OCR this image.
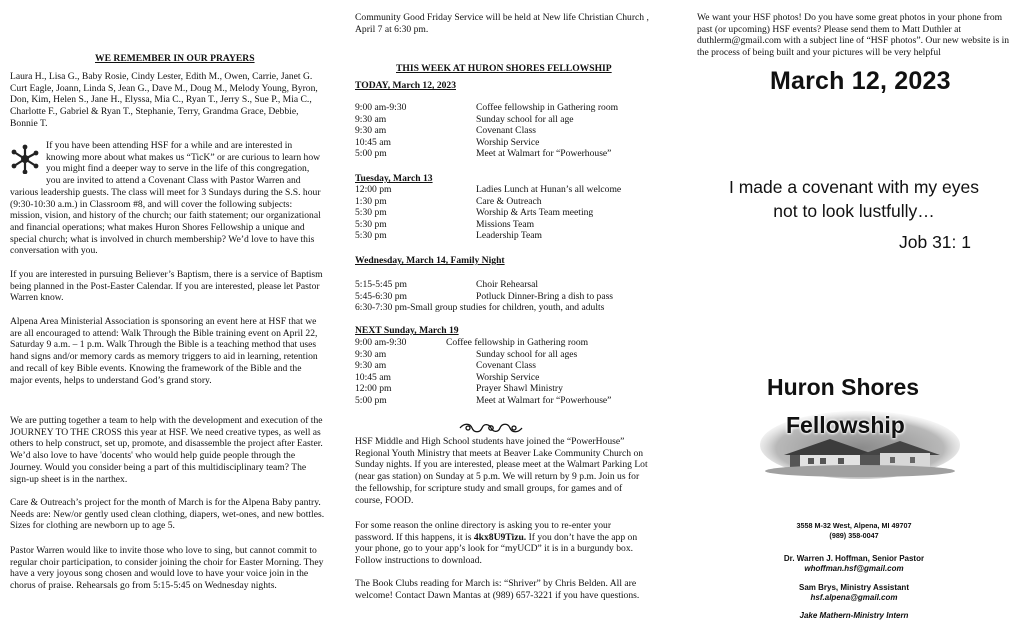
WE REMEMBER IN OUR PRAYERS

Laura H., Lisa G., Baby Rosie, Cindy Lester, Edith M., Owen, Carrie, Janet G. Curt Eagle, Joann, Linda S, Jean G., Dave M., Doug M., Melody Young, Byron, Don, Kim, Helen S., Jane H., Elyssa, Mia C., Ryan T., Jerry S., Sue P., Mia C., Charlotte F., Gabriel & Ryan T., Stephanie, Terry, Grandma Grace, Debbie, Bonnie T.

If you have been attending HSF for a while and are interested in knowing more about what makes us “TicK” or are curious to learn how you might find a deeper way to serve in the life of this congregation, you are invited to attend a Covenant Class with Pastor Warren and various leadership guests. The class will meet for 3 Sundays during the S.S. hour (9:30-10:30 a.m.) in Classroom #8, and will cover the following subjects: mission, vision, and history of the church; our faith statement; our organizational and financial operations; what makes Huron Shores Fellowship a unique and special church; what is involved in church membership? We’d love to have this conversation with you.

If you are interested in pursuing Believer’s Baptism, there is a service of Baptism being planned in the Post-Easter Calendar. If you are interested, please let Pastor Warren know.

Alpena Area Ministerial Association is sponsoring an event here at HSF that we are all encouraged to attend: Walk Through the Bible training event on April 22, Saturday 9 a.m. – 1 p.m. Walk Through the Bible is a teaching method that uses hand signs and/or memory cards as memory triggers to aid in learning, retention and recall of key Bible events. Knowing the framework of the Bible and the major events, helps to understand God’s grand story.

We are putting together a team to help with the development and execution of the JOURNEY TO THE CROSS this year at HSF. We need creative types, as well as others to help construct, set up, promote, and disassemble the project after Easter. We’d also love to have 'docents' who would help guide people through the Journey. Would you consider being a part of this multidisciplinary team? The sign-up sheet is in the narthex.

Care & Outreach’s project for the month of March is for the Alpena Baby pantry. Needs are: New/or gently used clean clothing, diapers, wet-ones, and new bottles. Sizes for clothing are newborn up to age 5.

Pastor Warren would like to invite those who love to sing, but cannot commit to regular choir participation, to consider joining the choir for Easter Morning. They have a very joyous song chosen and would love to have your voice join in the chorus of praise. Rehearsals go from 5:15-5:45 on Wednesday nights.

Community Good Friday Service will be held at New life Christian Church , April 7 at 6:30 pm.

THIS WEEK AT HURON SHORES FELLOWSHIP
TODAY, March 12, 2023
9:00 am-9:30	Coffee fellowship in Gathering room
9:30 am	Sunday school for all age
9:30 am	Covenant Class
10:45 am	Worship Service
5:00 pm	Meet at Walmart for “Powerhouse”
Tuesday, March 13
12:00 pm	Ladies Lunch at Hunan’s all welcome
1:30 pm	Care & Outreach
5:30 pm	Worship & Arts Team meeting
5:30 pm	Missions Team
5:30 pm	Leadership Team
Wednesday, March 14, Family Night
5:15-5:45 pm	Choir Rehearsal
5:45-6:30 pm	Potluck Dinner-Bring a dish to pass
6:30-7:30 pm-Small group studies for children, youth, and adults
NEXT Sunday, March 19
9:00 am-9:30	Coffee fellowship in Gathering room
9:30 am	Sunday school for all ages
9:30 am	Covenant Class
10:45 am	Worship Service
12:00 pm	Prayer Shawl Ministry
5:00 pm	Meet at Walmart for “Powerhouse”

HSF Middle and High School students have joined the “PowerHouse” Regional Youth Ministry that meets at Beaver Lake Community Church on Sunday nights. If you are interested, please meet at the Walmart Parking Lot (near gas station) on Sunday at 5 p.m. We will return by 9 p.m. Join us for the fellowship, for scripture study and small groups, for games and of course, FOOD.

For some reason the online directory is asking you to re-enter your password. If this happens, it is 4kx8U9Tizu. If you don’t have the app on your phone, go to your app’s look for “myUCD” it is in a burgundy box. Follow instructions to download.

The Book Clubs reading for March is: “Shriver” by Chris Belden. All are welcome! Contact Dawn Mantas at (989) 657-3221 if you have questions.

We want your HSF photos! Do you have some great photos in your phone from past (or upcoming) HSF events? Please send them to Matt Duthler at duthlerm@gmail.com with a subject line of “HSF photos”. Our new website is in the process of being built and your pictures will be very helpful

March 12, 2023
I made a covenant with my eyes
not to look lustfully…
Job 31: 1
Huron Shores
Fellowship
3558 M-32 West, Alpena, MI 49707
(989) 358-0047
Dr. Warren J. Hoffman, Senior Pastor
whoffman.hsf@gmail.com
Sam Brys, Ministry Assistant
hsf.alpena@gmail.com
Jake Mathern-Ministry Intern
